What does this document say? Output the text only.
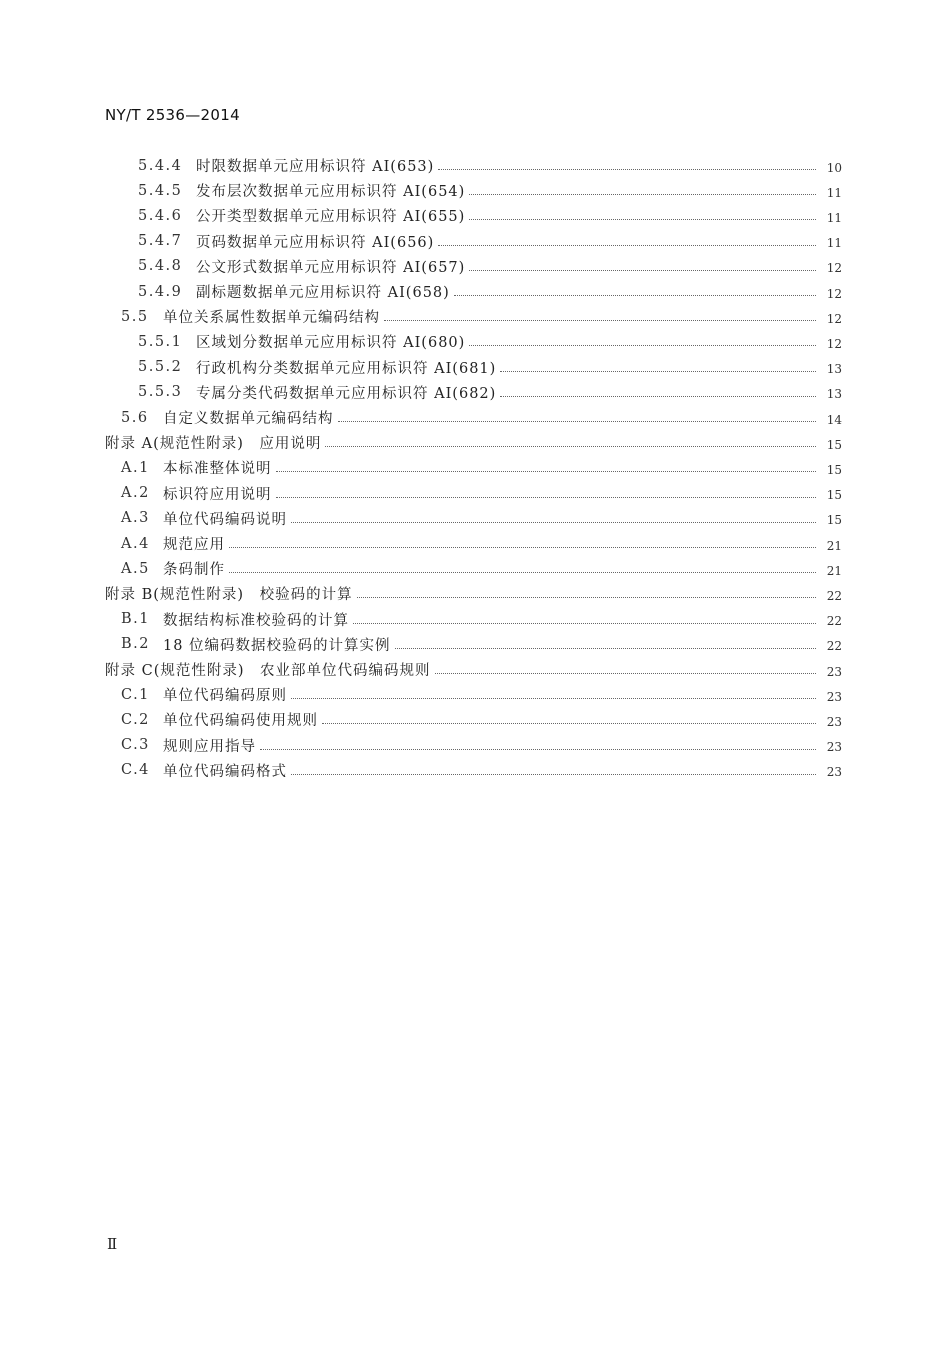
NY/T 2536—2014
5.4.4 时限数据单元应用标识符 AI(653)	10
5.4.5 发布层次数据单元应用标识符 AI(654)	11
5.4.6 公开类型数据单元应用标识符 AI(655)	11
5.4.7 页码数据单元应用标识符 AI(656)	11
5.4.8 公文形式数据单元应用标识符 AI(657)	12
5.4.9 副标题数据单元应用标识符 AI(658)	12
5.5 单位关系属性数据单元编码结构	12
5.5.1 区域划分数据单元应用标识符 AI(680)	12
5.5.2 行政机构分类数据单元应用标识符 AI(681)	13
5.5.3 专属分类代码数据单元应用标识符 AI(682)	13
5.6 自定义数据单元编码结构	14
附录 A(规范性附录)　应用说明	15
A.1 本标准整体说明	15
A.2 标识符应用说明	15
A.3 单位代码编码说明	15
A.4 规范应用	21
A.5 条码制作	21
附录 B(规范性附录)　校验码的计算	22
B.1 数据结构标准校验码的计算	22
B.2 18 位编码数据校验码的计算实例	22
附录 C(规范性附录)　农业部单位代码编码规则	23
C.1 单位代码编码原则	23
C.2 单位代码编码使用规则	23
C.3 规则应用指导	23
C.4 单位代码编码格式	23
Ⅱ
